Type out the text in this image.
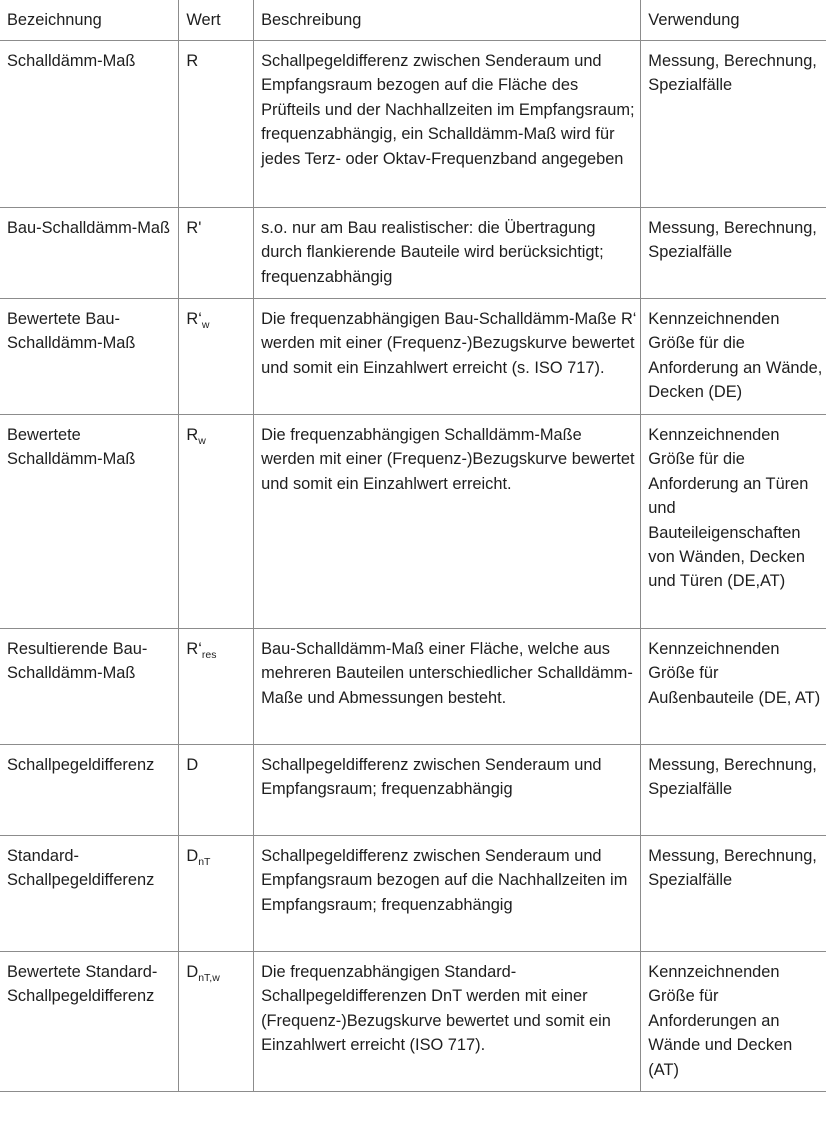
Bezeichnung	Wert	Beschreibung	Verwendung
Schalldämm-Maß	R	Schallpegeldifferenz zwischen Senderaum und Empfangsraum bezogen auf die Fläche des Prüfteils und der Nachhallzeiten im Empfangsraum; frequenzabhängig, ein Schalldämm-Maß wird für jedes Terz- oder Oktav-Frequenzband angegeben	Messung, Berechnung, Spezialfälle
Bau-Schalldämm-Maß	R'	s.o. nur am Bau realistischer: die Übertragung durch flankierende Bauteile wird berücksichtigt; frequenzabhängig	Messung, Berechnung, Spezialfälle
Bewertete Bau-Schalldämm-Maß	$R‘_w$	Die frequenzabhängigen Bau-Schalldämm-Maße R‘ werden mit einer (Frequenz-)Bezugskurve bewertet und somit ein Einzahlwert erreicht (s. ISO 717).	Kennzeichnenden Größe für die Anforderung an Wände, Decken (DE)
Bewertete Schalldämm-Maß	$R_w$	Die frequenzabhängigen Schalldämm-Maße werden mit einer (Frequenz-)Bezugskurve bewertet und somit ein Einzahlwert erreicht.	Kennzeichnenden Größe für die Anforderung an Türen und Bauteileigenschaften von Wänden, Decken und Türen (DE,AT)
Resultierende Bau-Schalldämm-Maß	$R‘_{res}$	Bau-Schalldämm-Maß einer Fläche, welche aus mehreren Bauteilen unterschiedlicher Schalldämm-Maße und Abmessungen besteht.	Kennzeichnenden Größe für Außenbauteile (DE, AT)
Schallpegeldifferenz	D	Schallpegeldifferenz zwischen Senderaum und Empfangsraum; frequenzabhängig	Messung, Berechnung, Spezialfälle
Standard-Schallpegeldifferenz	$D_{nT}$	Schallpegeldifferenz zwischen Senderaum und Empfangsraum bezogen auf die Nachhallzeiten im Empfangsraum; frequenzabhängig	Messung, Berechnung, Spezialfälle
Bewertete Standard-Schallpegeldifferenz	$D_{nT,w}$	Die frequenzabhängigen Standard-Schallpegeldifferenzen DnT werden mit einer (Frequenz-)Bezugskurve bewertet und somit ein Einzahlwert erreicht (ISO 717).	Kennzeichnenden Größe für Anforderungen an Wände und Decken (AT)
